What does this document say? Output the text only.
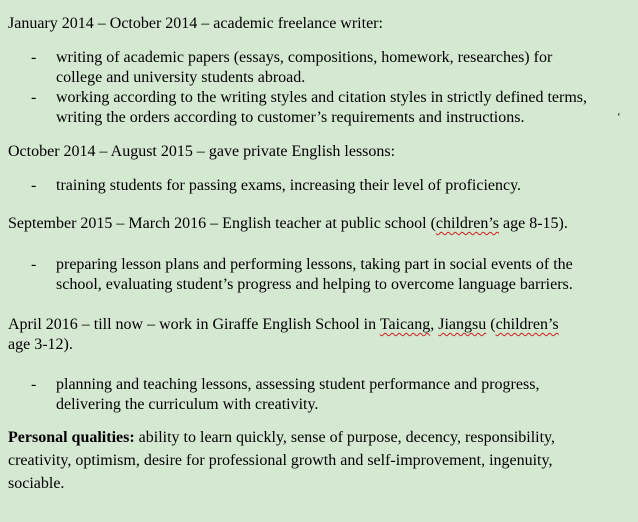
January 2014 – October 2014 – academic freelance writer:
- writing of academic papers (essays, compositions, homework, researches) for
college and university students abroad.
- working according to the writing styles and citation styles in strictly defined terms,
writing the orders according to customer’s requirements and instructions.	‘
October 2014 – August 2015 – gave private English lessons:
- training students for passing exams, increasing their level of proficiency.
September 2015 – March 2016 – English teacher at public school (children’s age 8-15).
- preparing lesson plans and performing lessons, taking part in social events of the
school, evaluating student’s progress and helping to overcome language barriers.
April 2016 – till now – work in Giraffe English School in Taicang, Jiangsu (children’s
age 3-12).
- planning and teaching lessons, assessing student performance and progress,
delivering the curriculum with creativity.
Personal qualities: ability to learn quickly, sense of purpose, decency, responsibility,
creativity, optimism, desire for professional growth and self-improvement, ingenuity,
sociable.
